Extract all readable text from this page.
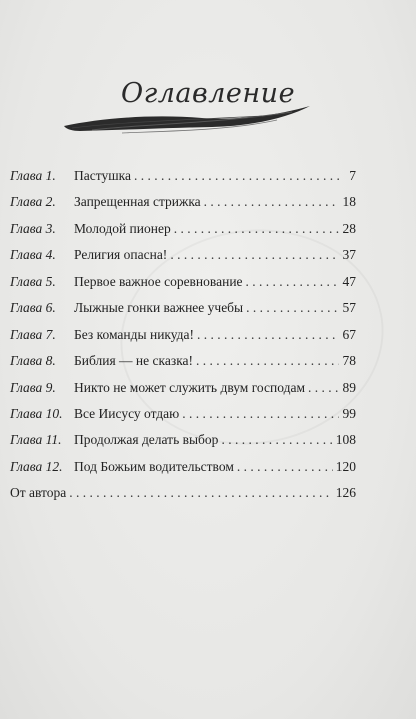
Оглавление
Глава 1.	Пастушка . . .	7
Глава 2.	Запрещенная стрижка . . .	18
Глава 3.	Молодой пионер . . .	28
Глава 4.	Религия опасна! . . .	37
Глава 5.	Первое важное соревнование . . .	47
Глава 6.	Лыжные гонки важнее учебы . . .	57
Глава 7.	Без команды никуда! . . .	67
Глава 8.	Библия — не сказка! . . .	78
Глава 9.	Никто не может служить двум господам . . .	89
Глава 10. Все Иисусу отдаю . . .	99
Глава 11. Продолжая делать выбор . . .	108
Глава 12. Под Божьим водительством . . .	120
От автора . . .	126
